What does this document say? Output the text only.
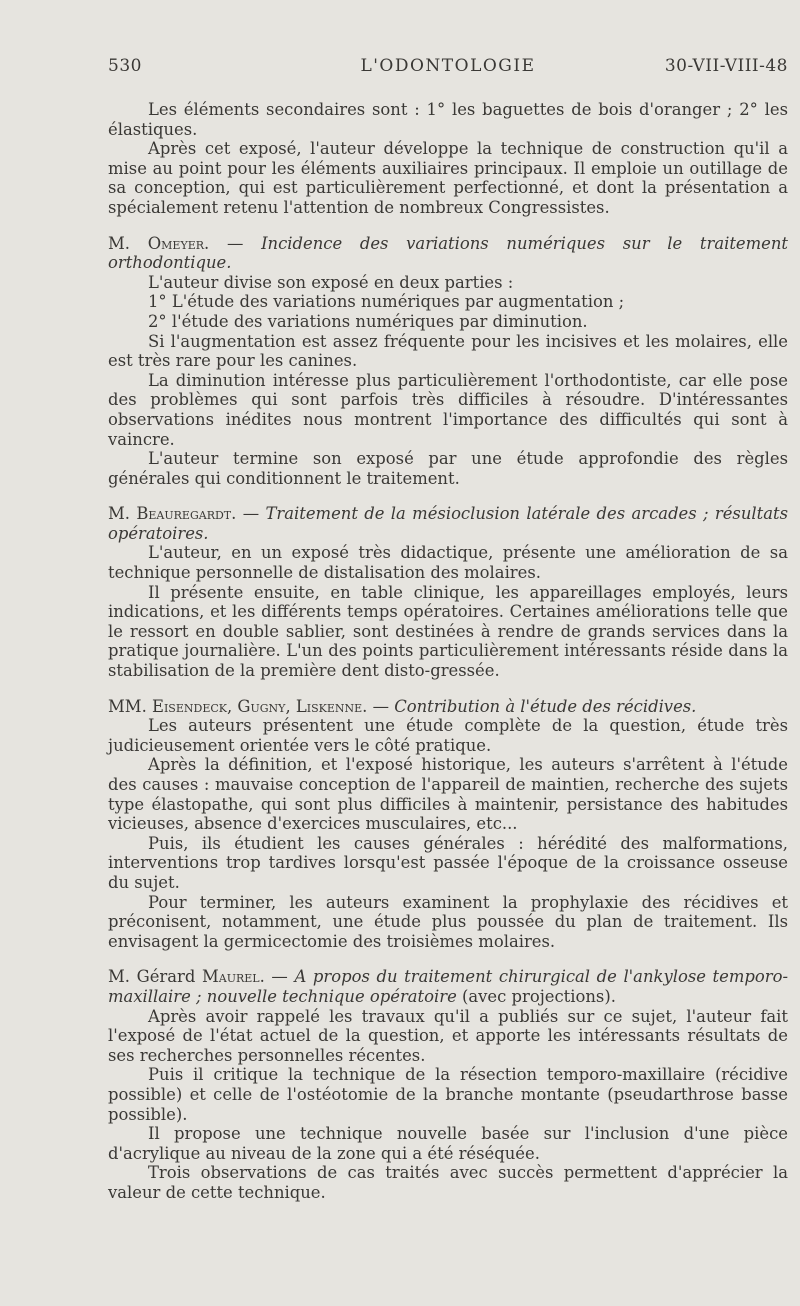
L'ODONTOLOGIE
530	30-VII-VIII-48

Les éléments secondaires sont : 1° les baguettes de bois d'oranger ; 2° les élastiques.

Après cet exposé, l'auteur développe la technique de construction qu'il a mise au point pour les éléments auxiliaires principaux. Il emploie un outillage de sa conception, qui est particulièrement perfectionné, et dont la présentation a spécialement retenu l'attention de nombreux Congressistes.

M. Omeyer. — Incidence des variations numériques sur le traitement orthodontique.

L'auteur divise son exposé en deux parties :

1° L'étude des variations numériques par augmentation ;

2° l'étude des variations numériques par diminution.

Si l'augmentation est assez fréquente pour les incisives et les molaires, elle est très rare pour les canines.

La diminution intéresse plus particulièrement l'orthodontiste, car elle pose des problèmes qui sont parfois très difficiles à résoudre. D'intéressantes observations inédites nous montrent l'importance des difficultés qui sont à vaincre.

L'auteur termine son exposé par une étude approfondie des règles générales qui conditionnent le traitement.

M. Beauregardt. — Traitement de la mésioclusion latérale des arcades ; résultats opératoires.

L'auteur, en un exposé très didactique, présente une amélioration de sa technique personnelle de distalisation des molaires.

Il présente ensuite, en table clinique, les appareillages employés, leurs indications, et les différents temps opératoires. Certaines améliorations telle que le ressort en double sablier, sont destinées à rendre de grands services dans la pratique journalière. L'un des points particulièrement intéressants réside dans la stabilisation de la première dent disto-gressée.

MM. Eisendeck, Gugny, Liskenne. — Contribution à l'étude des récidives.

Les auteurs présentent une étude complète de la question, étude très judicieusement orientée vers le côté pratique.

Après la définition, et l'exposé historique, les auteurs s'arrêtent à l'étude des causes : mauvaise conception de l'appareil de maintien, recherche des sujets type élastopathe, qui sont plus difficiles à maintenir, persistance des habitudes vicieuses, absence d'exercices musculaires, etc...

Puis, ils étudient les causes générales : hérédité des malformations, interventions trop tardives lorsqu'est passée l'époque de la croissance osseuse du sujet.

Pour terminer, les auteurs examinent la prophylaxie des récidives et préconisent, notamment, une étude plus poussée du plan de traitement. Ils envisagent la germicectomie des troisièmes molaires.

M. Gérard Maurel. — A propos du traitement chirurgical de l'ankylose temporo-maxillaire ; nouvelle technique opératoire (avec projections).

Après avoir rappelé les travaux qu'il a publiés sur ce sujet, l'auteur fait l'exposé de l'état actuel de la question, et apporte les intéressants résultats de ses recherches personnelles récentes.

Puis il critique la technique de la résection temporo-maxillaire (récidive possible) et celle de l'ostéotomie de la branche montante (pseudarthrose basse possible).

Il propose une technique nouvelle basée sur l'inclusion d'une pièce d'acrylique au niveau de la zone qui a été réséquée.

Trois observations de cas traités avec succès permettent d'apprécier la valeur de cette technique.
